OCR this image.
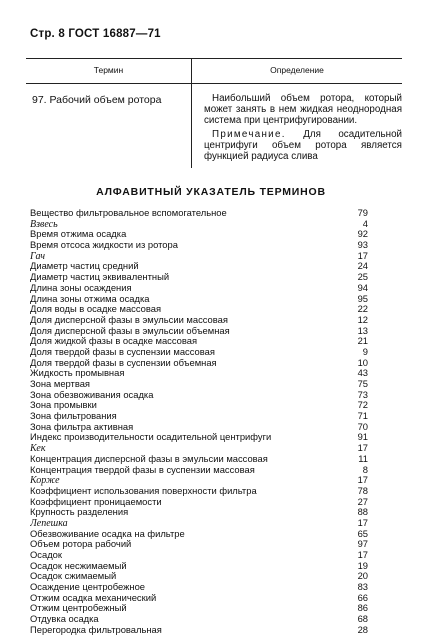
Стр. 8 ГОСТ 16887—71
Термин	Определение
97. Рабочий объем ротора	Наибольший объем ротора, который может занять в нем жидкая неоднородная система при центрифугировании.

Примечание. Для осадительной центрифуги объем ротора является функцией радиуса слива

АЛФАВИТНЫЙ УКАЗАТЕЛЬ ТЕРМИНОВ
Вещество фильтровальное вспомогательное	79
Взвесь	4
Время отжима осадка	92
Время отсоса жидкости из ротора	93
Гач	17
Диаметр частиц средний	24
Диаметр частиц эквивалентный	25
Длина зоны осаждения	94
Длина зоны отжима осадка	95
Доля воды в осадке массовая	22
Доля дисперсной фазы в эмульсии массовая	12
Доля дисперсной фазы в эмульсии объемная	13
Доля жидкой фазы в осадке массовая	21
Доля твердой фазы в суспензии массовая	9
Доля твердой фазы в суспензии объемная	10
Жидкость промывная	43
Зона мертвая	75
Зона обезвоживания осадка	73
Зона промывки	72
Зона фильтрования	71
Зона фильтра активная	70
Индекс производительности осадительной центрифуги	91
Кек	17
Концентрация дисперсной фазы в эмульсии массовая	11
Концентрация твердой фазы в суспензии массовая	8
Корже	17
Коэффициент использования поверхности фильтра	78
Коэффициент проницаемости	27
Крупность разделения	88
Лепешка	17
Обезвоживание осадка на фильтре	65
Объем ротора рабочий	97
Осадок	17
Осадок несжимаемый	19
Осадок сжимаемый	20
Осаждение центробежное	83
Отжим осадка механический	66
Отжим центробежный	86
Отдувка осадка	68
Перегородка фильтровальная	28
